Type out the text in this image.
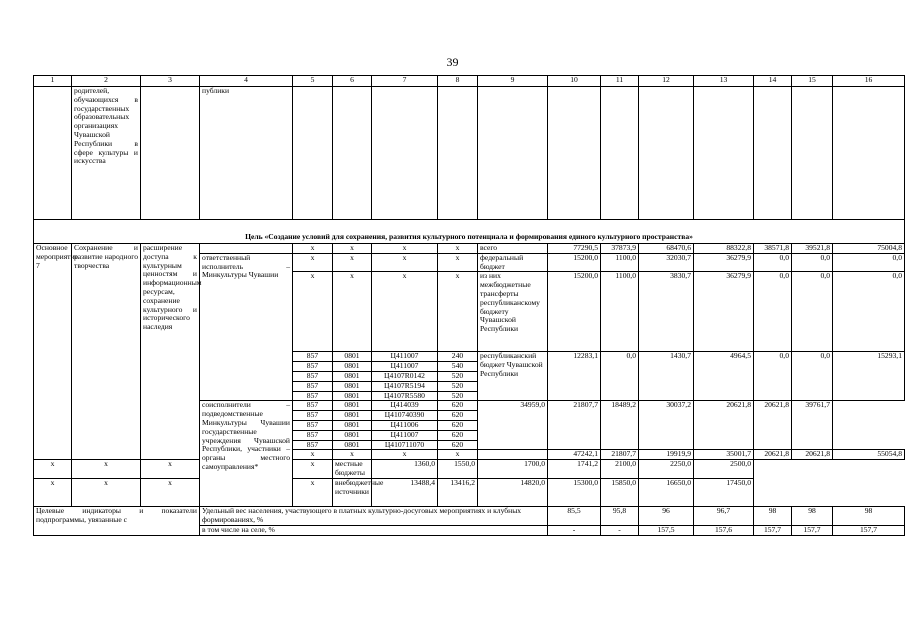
39
1	2	3	4	5	6	7	8	9	10	11	12	13	14	15	16
	родителей, обучающихся в государственных образовательных организациях Чувашской Республики в сфере культуры и искусства		публики												
Цель «Создание условий для сохранения, развития культурного потенциала и формирования единого культурного пространства»															
Основное мероприятие 7	Сохранение и развитие народного творчества	расширение доступа к культурным ценностям и информационным ресурсам, сохранение культурного и исторического наследия		x	x	x	x	всего	77290,5	37873,9	68470,6	88322,8	38571,8	39521,8	75004,8
			ответственный исполнитель – Минкультуры Чувашии	x	x	x	x	федеральный бюджет	15200,0	1100,0	32030,7	36279,9	0,0	0,0	0,0
				x	x	x	x	из них межбюджетные трансферты республиканскому бюджету Чувашской Республики	15200,0	1100,0	3830,7	36279,9	0,0	0,0	0,0
				857	0801	Ц411007	240	республиканский бюджет Чувашской Республики	12283,1	0,0	1430,7	4964,5	0,0	0,0	15293,1
				857	0801	Ц411007	540								
				857	0801	Ц4107R0142	520								
				857	0801	Ц4107R5194	520								
				857	0801	Ц4107R5580	520								
			соисполнители – подведомственные Минкультуры Чувашии государственные учреждения Чувашской Республики, участники – органы местного самоуправления*	857	0801	Ц414039	620	34959,0	21807,7	18489,2	30037,2	20621,8	20621,8	39761,7	
				857	0801	Ц410740390	620								
				857	0801	Ц411006	620								
				857	0801	Ц411007	620								
				857	0801	Ц410711070	620								
				x	x	x	x		47242,1	21807,7	19919,9	35001,7	20621,8	20621,8	55054,8
x	x	x		x	местные бюджеты	1360,0	1550,0	1700,0	1741,2	2100,0	2250,0	2500,0			
x	x	x		x	внебюджетные источники	13488,4	13416,2	14820,0	15300,0	15850,0	16650,0	17450,0			
Целевые индикаторы и показатели подпрограммы, увязанные с			Удельный вес населения, участвующего в платных культурно-досуговых мероприятиях и клубных формированиях, %						85,5	95,8	96	96,7	98	98	98
			в том числе на селе, %						-	-	157,5	157,6	157,7	157,7	157,7
